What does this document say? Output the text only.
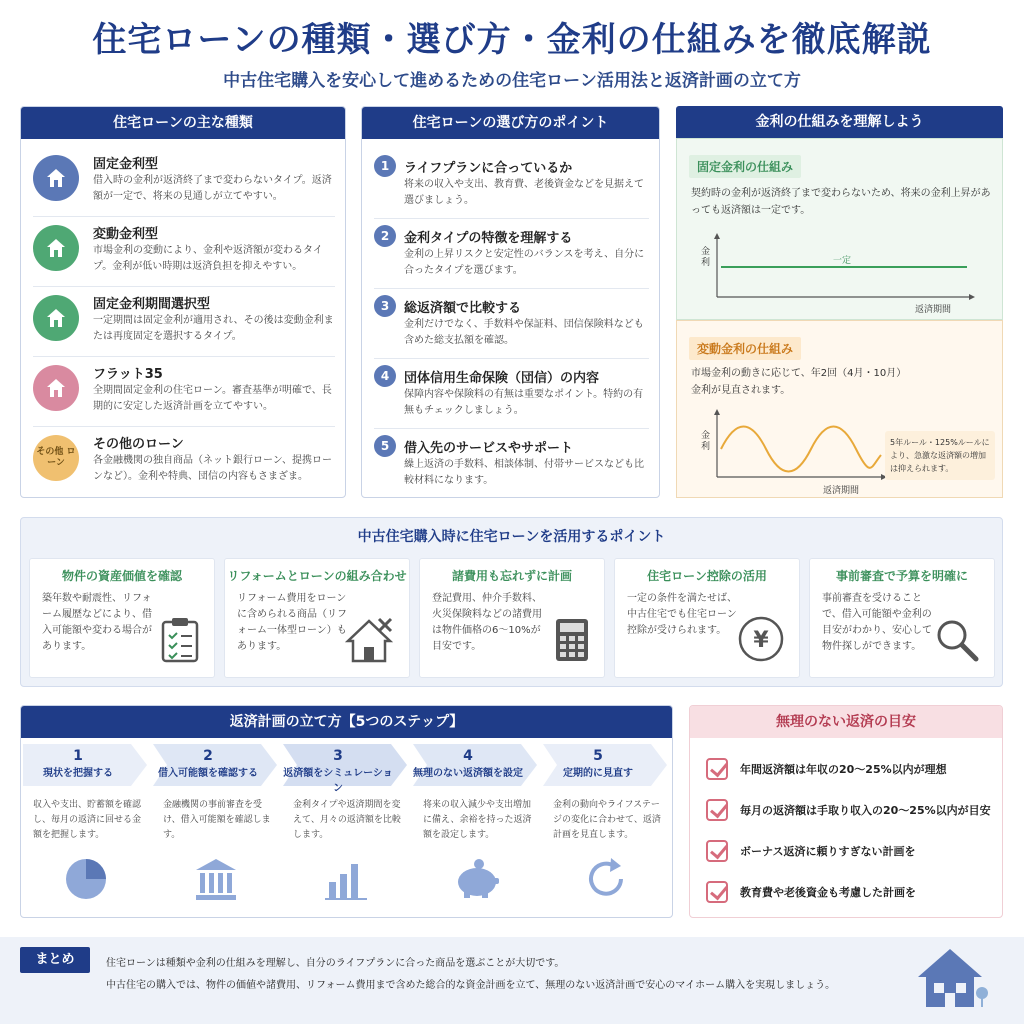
住宅ローンの種類・選び方・金利の仕組みを徹底解説
中古住宅購入を安心して進めるための住宅ローン活用法と返済計画の立て方
住宅ローンの主な種類
固定金利型
借入時の金利が返済終了まで変わらないタイプ。返済額が一定で、将来の見通しが立てやすい。
変動金利型
市場金利の変動により、金利や返済額が変わるタイプ。金利が低い時期は返済負担を抑えやすい。
固定金利期間選択型
一定期間は固定金利が適用され、その後は変動金利または再度固定を選択するタイプ。
フラット35
全期間固定金利の住宅ローン。審査基準が明確で、長期的に安定した返済計画を立てやすい。
その他 ローン
その他のローン
各金融機関の独自商品（ネット銀行ローン、提携ローンなど）。金利や特典、団信の内容もさまざま。
住宅ローンの選び方のポイント
1	ライフプランに合っているか
将来の収入や支出、教育費、老後資金などを見据えて選びましょう。
2	金利タイプの特徴を理解する
金利の上昇リスクと安定性のバランスを考え、自分に合ったタイプを選びます。
3	総返済額で比較する
金利だけでなく、手数料や保証料、団信保険料なども含めた総支払額を確認。
4	団体信用生命保険（団信）の内容
保障内容や保険料の有無は重要なポイント。特約の有無もチェックしましょう。
5	借入先のサービスやサポート
繰上返済の手数料、相談体制、付帯サービスなども比較材料になります。
金利の仕組みを理解しよう
固定金利の仕組み
契約時の金利が返済終了まで変わらないため、将来の金利上昇があっても返済額は一定です。
金利	一定
返済期間
変動金利の仕組み
市場金利の動きに応じて、年2回（4月・10月）金利が見直されます。
金利
返済期間
5年ルール・125%ルールにより、急激な返済額の増加は抑えられます。
中古住宅購入時に住宅ローンを活用するポイント
物件の資産価値を確認
築年数や耐震性、リフォーム履歴などにより、借入可能額や変わる場合があります。
リフォームとローンの組み合わせ
リフォーム費用をローンに含められる商品（リフォーム一体型ローン）もあります。
諸費用も忘れずに計画
登記費用、仲介手数料、火災保険料などの諸費用は物件価格の6〜10%が目安です。
住宅ローン控除の活用
一定の条件を満たせば、中古住宅でも住宅ローン控除が受けられます。	¥
事前審査で予算を明確に
事前審査を受けることで、借入可能額や金利の目安がわかり、安心して物件探しができます。
返済計画の立て方【5つのステップ】
1
現状を把握する
収入や支出、貯蓄額を確認し、毎月の返済に回せる金額を把握します。
2
借入可能額を確認する
金融機関の事前審査を受け、借入可能額を確認します。
3
返済額をシミュレーション
金利タイプや返済期間を変えて、月々の返済額を比較します。
4
無理のない返済額を設定
将来の収入減少や支出増加に備え、余裕を持った返済額を設定します。
5
定期的に見直す
金利の動向やライフステージの変化に合わせて、返済計画を見直します。
無理のない返済の目安
年間返済額は年収の20〜25%以内が理想
毎月の返済額は手取り収入の20〜25%以内が目安
ボーナス返済に頼りすぎない計画を
教育費や老後資金も考慮した計画を
まとめ	住宅ローンは種類や金利の仕組みを理解し、自分のライフプランに合った商品を選ぶことが大切です。
中古住宅の購入では、物件の価値や諸費用、リフォーム費用まで含めた総合的な資金計画を立て、無理のない返済計画で安心のマイホーム購入を実現しましょう。
